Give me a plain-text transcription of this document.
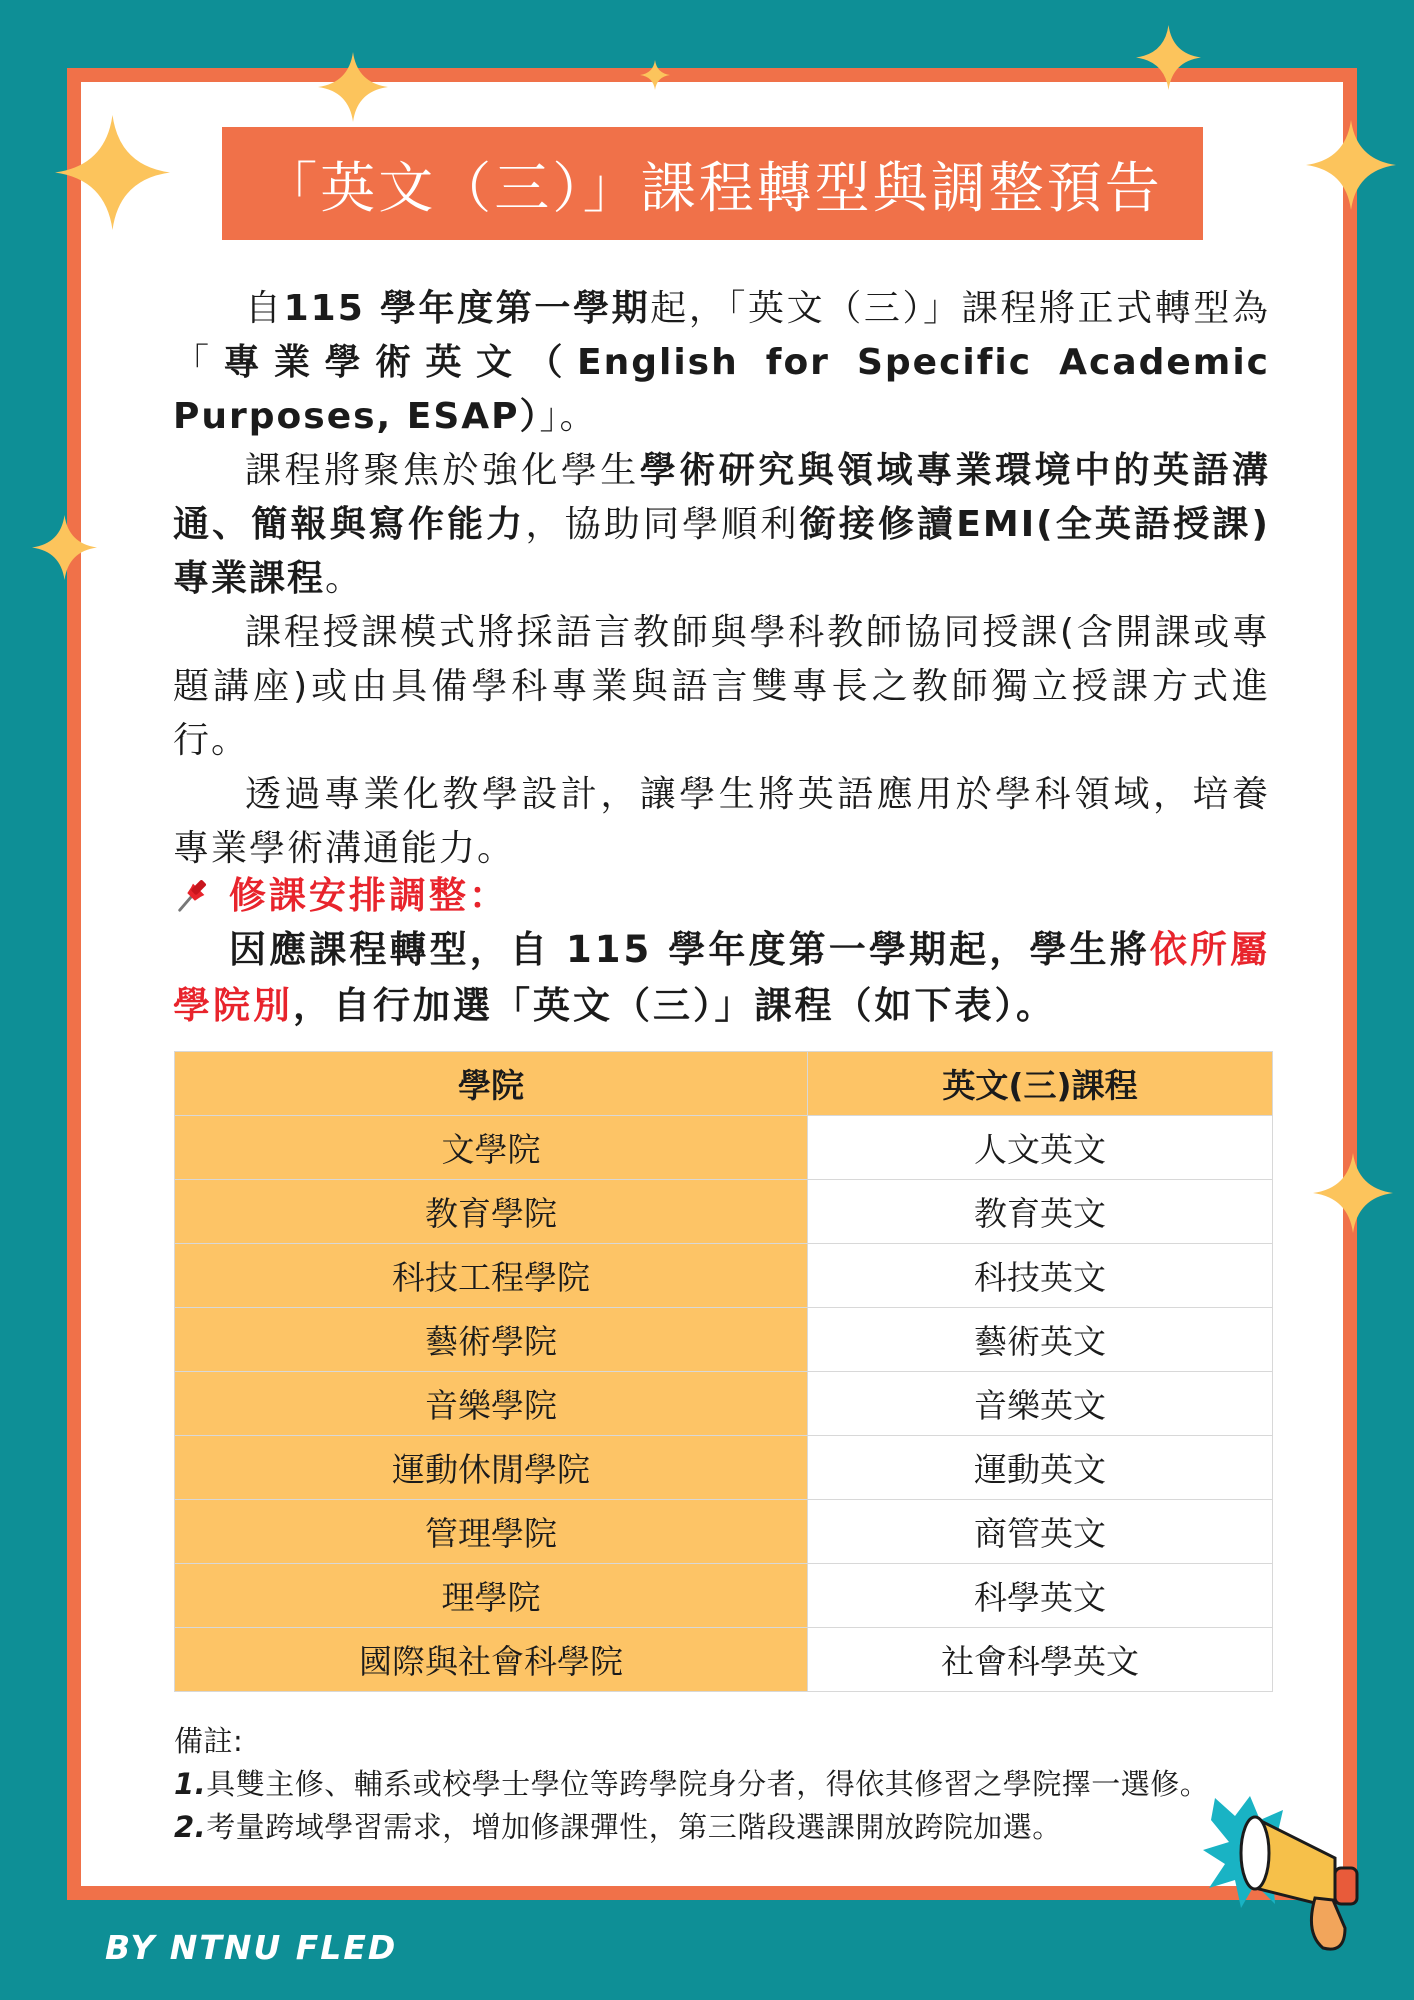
「英文（三）」課程轉型與調整預告

自115 學年度第一學期起，「英文（三）」課程將正式轉型為「專業學術英文（English for Specific Academic Purposes, ESAP）」。

課程將聚焦於強化學生學術研究與領域專業環境中的英語溝通、簡報與寫作能力，協助同學順利銜接修讀EMI(全英語授課)專業課程。

課程授課模式將採語言教師與學科教師協同授課(含開課或專題講座)或由具備學科專業與語言雙專長之教師獨立授課方式進行。

透過專業化教學設計，讓學生將英語應用於學科領域，培養專業學術溝通能力。

修課安排調整：

因應課程轉型，自 115 學年度第一學期起，學生將依所屬學院別，自行加選「英文（三）」課程（如下表）。

學院	英文(三)課程
文學院	人文英文
教育學院	教育英文
科技工程學院	科技英文
藝術學院	藝術英文
音樂學院	音樂英文
運動休閒學院	運動英文
管理學院	商管英文
理學院	科學英文
國際與社會科學院	社會科學英文
備註:
1.具雙主修、輔系或校學士學位等跨學院身分者，得依其修習之學院擇一選修。
2.考量跨域學習需求，增加修課彈性，第三階段選課開放跨院加選。
BY NTNU FLED
